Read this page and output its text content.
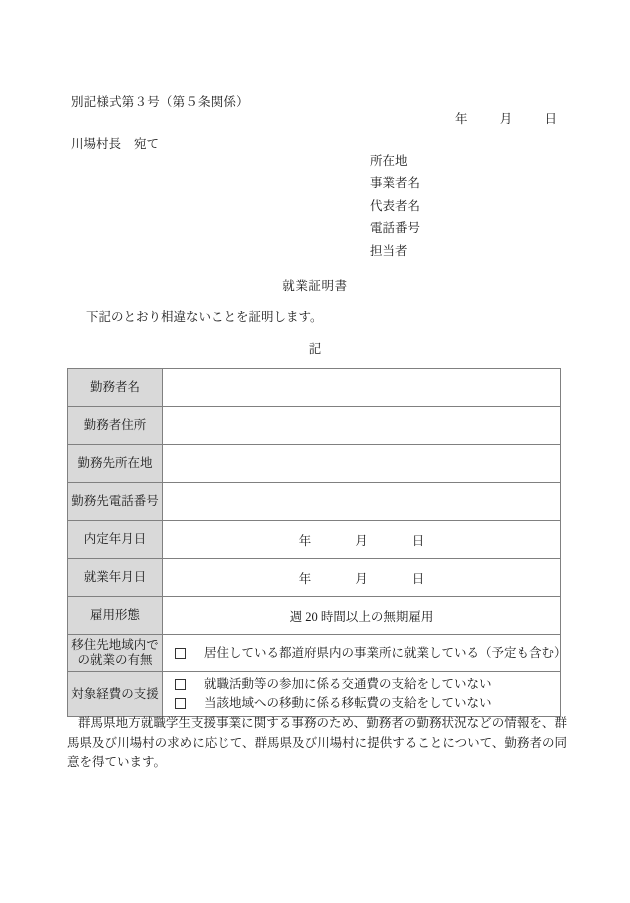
別記様式第３号（第５条関係）
年	月	日
川場村長 宛て
所在地
事業者名
代表者名
電話番号
担当者
就業証明書
下記のとおり相違ないことを証明します。
記
勤務者名	
勤務者住所	
勤務先所在地	
勤務先電話番号	
内定年月日	年 月 日
就業年月日	年 月 日
雇用形態	週 20 時間以上の無期雇用

移住先地域内で
の就業の有無	居住している都道府県内の事業所に就業している（予定も含む）

対象経費の支援	就職活動等の参加に係る交通費の支給をしていない
当該地域への移動に係る移転費の支給をしていない
群馬県地方就職学生支援事業に関する事務のため、勤務者の勤務状況などの情報を、群馬県及び川場村の求めに応じて、群馬県及び川場村に提供することについて、勤務者の同意を得ています。
